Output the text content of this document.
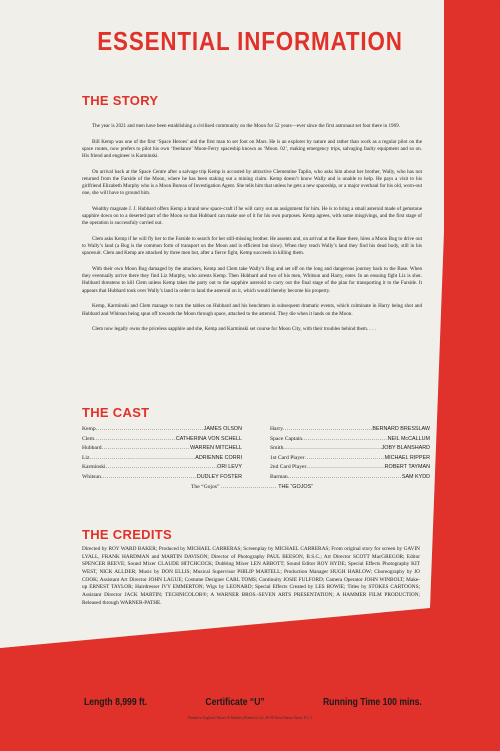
ESSENTIAL INFORMATION
THE STORY

The year is 2021 and men have been establishing a civilised community on the Moon for 52 years—ever since the first astronaut set foot there in 1969.

Bill Kemp was one of the first ‘Space Heroes’ and the first man to set foot on Mars. He is an explorer by nature and rather than work as a regular pilot on the space routes, now prefers to pilot his own ‘freelance’ Moon-Ferry spaceship known as ‘Moon. 02’, making emergency trips, salvaging faulty equipment and so on. His friend and engineer is Karminski.

On arrival back at the Space Centre after a salvage trip Kemp is accosted by attractive Clementine Taplin, who asks him about her brother, Wally, who has not returned from the Farside of the Moon, where he has been staking out a mining claim. Kemp doesn’t know Wally and is unable to help. He pays a visit to his girlfriend Elizabeth Murphy who is a Moon Bureau of Investigation Agent. She tells him that unless he gets a new spaceship, or a major overhaul for his old, worn-out one, she will have to ground him.

Wealthy magnate J. J. Hubbard offers Kemp a brand new space-craft if he will carry out an assignment for him. He is to bring a small asteroid made of gemstone sapphire down on to a deserted part of the Moon so that Hubbard can make use of it for his own purposes. Kemp agrees, with some misgivings, and the first stage of the operation is successfuly carried out.

Clem asks Kemp if he will fly her to the Farside to search for her still-missing brother. He assents and, on arrival at the Base there, hires a Moon Bug to drive out to Wally’s land (a Bug is the common form of transport on the Moon and is efficient but slow). When they reach Wally’s land they find his dead body, still in his spacesuit. Clem and Kemp are attacked by three men but, after a fierce fight, Kemp succeeds in killing them.

With their own Moon Bug damaged by the attackers, Kemp and Clem take Wally’s Bug and set off on the long and dangerous journey back to the Base. When they eventually arrive there they find Liz Murphy, who arrests Kemp. Then Hubbard and two of his men, Whitsun and Harry, enter. In an ensuing fight Liz is shot. Hubbard threatens to kill Clem unless Kemp takes the party out to the sapphire asteroid to carry out the final stage of the plan for transporting it to the Farside. It appears that Hubbard took over Wally’s land in order to land the asteroid on it, which would thereby become his property.

Kemp, Karminski and Clem manage to turn the tables on Hubbard and his henchmen in subsequent dramatic events, which culminate in Harry being shot and Hubbard and Whitsun being spun off towards the Moon through space, attached to the asteroid. They die when it lands on the Moon.

Clem now legally owns the priceless sapphire and she, Kemp and Karminski set course for Moon City, with their troubles behind them. . . .

THE CAST
Kemp .....	JAMES OLSON
Clem .....	CATHERINA VON SCHELL
Hubbard .....	WARREN MITCHELL
Liz .....	ADRIENNE CORRI
Karminski .....	ORI LEVY
Whitsun .....	DUDLEY FOSTER
Harry .....	BERNARD BRESSLAW
Space Captain .....	NEIL McCALLUM
Smith .....	JOBY BLANSHARD
1st Card Player .....	MICHAEL RIPPER
2nd Card Player .....	ROBERT TAYMAN
Barman .....	SAM KYDD
The “Gojos” ............................ THE “GOJOS”
THE CREDITS

Directed by ROY WARD BAKER; Produced by MICHAEL CARRERAS; Screenplay by MICHAEL CARRERAS; From original story for screen by GAVIN LYALL, FRANK HARDMAN and MARTIN DAVISON; Director of Photography PAUL BEESON, B.S.C.; Art Director SCOTT MacGREGOR; Editor SPENCER REEVE; Sound Mixer CLAUDE HITCHCOCK; Dubbing Mixer LEN ABBOTT; Sound Editor ROY HYDE; Special Effects Photography KIT WEST, NICK ALLDER; Music by DON ELLIS; Musical Supervisor PHILIP MARTELL; Production Manager HUGH HARLOW; Choreography by JO COOK; Assistant Art Director JOHN LAGUE; Costume Designer CARL TOMS; Continuity JOSIE FULFORD; Camera Operator JOHN WINBOLT; Make-up ERNEST TAYLOR; Hairdresser IVY EMMERTON; Wigs by LEONARD; Special Effects Created by LES BOWIE; Titles by STOKES CARTOONS; Assistant Director JACK MARTIN; TECHNICOLOR®; A WARNER BROS.-SEVEN ARTS PRESENTATION; A HAMMER FILM PRODUCTION; Released through WARNER-PATHE.

Length 8,999 ft.	Certificate “U”	Running Time 100 mins.
Printed in England: Moore & Matthes (Printers) Ltd., 36-38 Great Sutton Street, E.C.1
